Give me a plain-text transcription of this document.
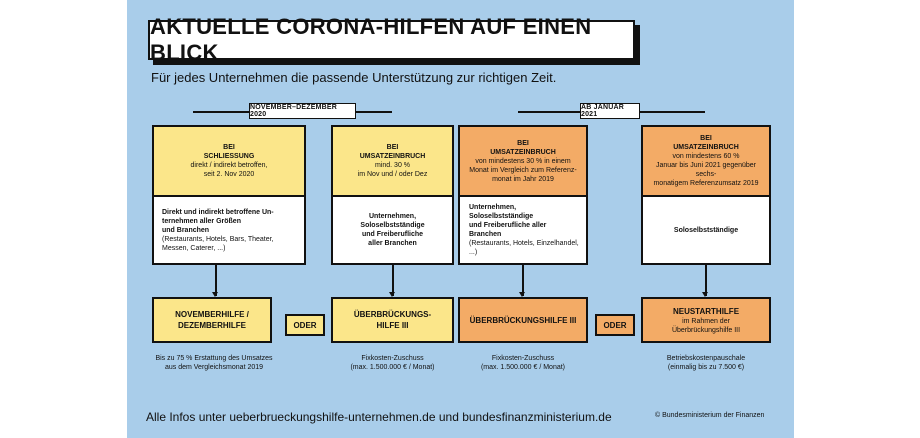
AKTUELLE CORONA-HILFEN AUF EINEN BLICK
Für jedes Unternehmen die passende Unterstützung zur richtigen Zeit.
NOVEMBER–DEZEMBER 2020
AB JANUAR 2021
BEI
SCHLIESSUNG
direkt / indirekt betroffen,
seit 2. Nov 2020
Direkt und indirekt betroffene Un-
ternehmen aller Größen
und Branchen
(Restaurants, Hotels, Bars, Theater,
Messen, Caterer, ...)
NOVEMBERHILFE /
DEZEMBERHILFE
Bis zu 75 % Erstattung des Umsatzes
aus dem Vergleichsmonat 2019
ODER
BEI
UMSATZEINBRUCH
mind. 30 %
im Nov und / oder Dez
Unternehmen,
Soloselbstständige
und Freiberufliche
aller Branchen
ÜBERBRÜCKUNGS-
HILFE III
Fixkosten-Zuschuss
(max. 1.500.000 € / Monat)
BEI
UMSATZEINBRUCH
von mindestens 30 % in einem
Monat im Vergleich zum Referenz-
monat im Jahr 2019
Unternehmen, Soloselbstständige
und Freiberufliche aller Branchen
(Restaurants, Hotels, Einzelhandel, ...)
ÜBERBRÜCKUNGSHILFE III
Fixkosten-Zuschuss
(max. 1.500.000 € / Monat)
ODER
BEI
UMSATZEINBRUCH
von mindestens 60 %
Januar bis Juni 2021 gegenüber sechs-
monatigem Referenzumsatz 2019
Soloselbstständige
NEUSTARTHILFE
im Rahmen der
Überbrückungshilfe III
Betriebskostenpauschale
(einmalig bis zu 7.500 €)
Alle Infos unter ueberbrueckungshilfe-unternehmen.de und bundesfinanzministerium.de	© Bundesministerium der Finanzen
